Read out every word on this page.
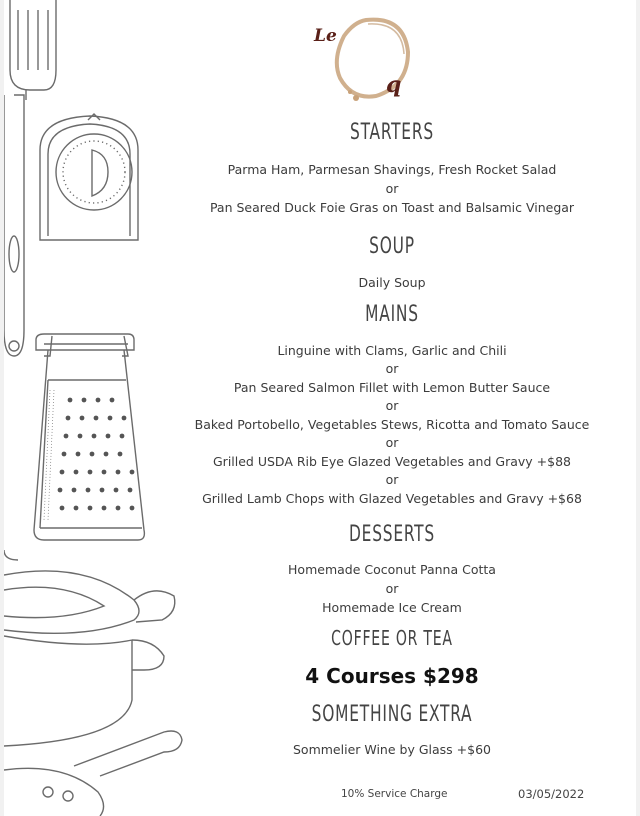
Le
q
STARTERS
Parma Ham, Parmesan Shavings, Fresh Rocket Salad
or
Pan Seared Duck Foie Gras on Toast and Balsamic Vinegar
SOUP
Daily Soup
MAINS
Linguine with Clams, Garlic and Chili
or
Pan Seared Salmon Fillet with Lemon Butter Sauce
or
Baked Portobello, Vegetables Stews, Ricotta and Tomato Sauce
or
Grilled USDA Rib Eye Glazed Vegetables and Gravy +$88
or
Grilled Lamb Chops with Glazed Vegetables and Gravy +$68
DESSERTS
Homemade Coconut Panna Cotta
or
Homemade Ice Cream
COFFEE OR TEA
4 Courses $298
SOMETHING EXTRA
Sommelier Wine by Glass +$60
10% Service Charge	03/05/2022
